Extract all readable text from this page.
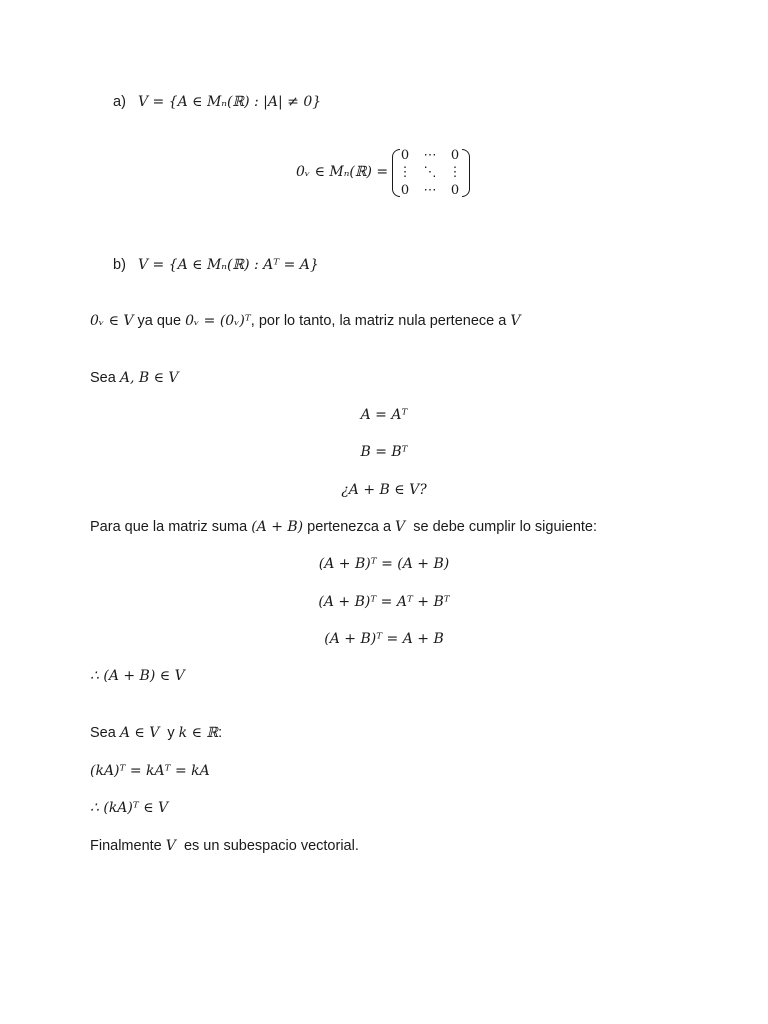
a) V = {A ∈ Mₙ(ℝ) : |A| ≠ 0}
0ᵥ ∈ Mₙ(ℝ) =
0 ⋯ 0
⋮ ⋱ ⋮
0 ⋯ 0
b) V = {A ∈ Mₙ(ℝ) : Aᵀ = A}
0ᵥ ∈ V ya que 0ᵥ = (0ᵥ)ᵀ, por lo tanto, la matriz nula pertenece a V
Sea A, B ∈ V
A = Aᵀ
B = Bᵀ
¿A + B ∈ V?
Para que la matriz suma (A + B) pertenezca a V  se debe cumplir lo siguiente:
(A + B)ᵀ = (A + B)
(A + B)ᵀ = Aᵀ + Bᵀ
(A + B)ᵀ = A + B
∴ (A + B) ∈ V
Sea A ∈ V  y k ∈ ℝ:
(kA)ᵀ = kAᵀ = kA
∴ (kA)ᵀ ∈ V
Finalmente V  es un subespacio vectorial.
